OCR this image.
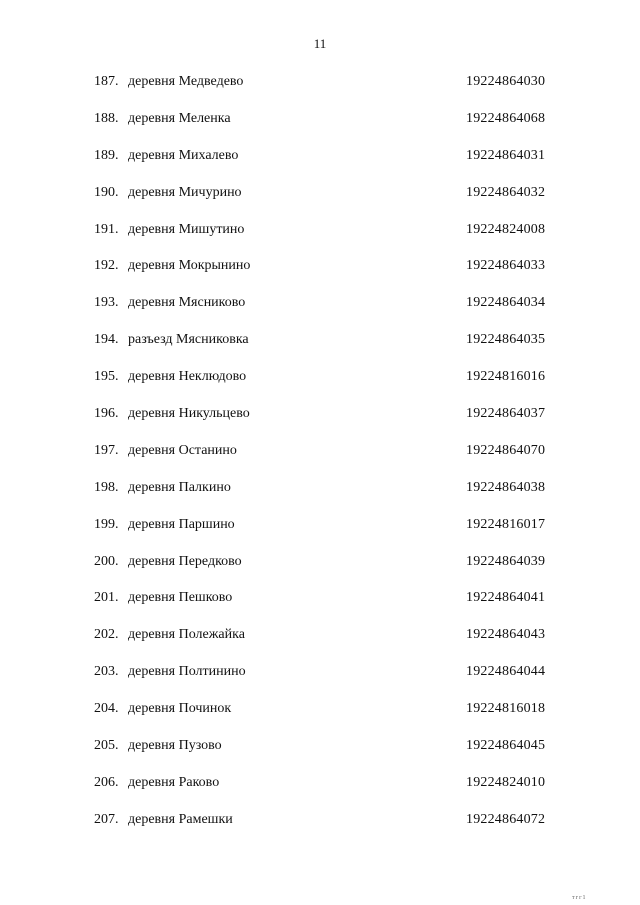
11
187. деревня Медведево	19224864030
188. деревня Меленка	19224864068
189. деревня Михалево	19224864031
190. деревня Мичурино	19224864032
191. деревня Мишутино	19224824008
192. деревня Мокрынино	19224864033
193. деревня Мясниково	19224864034
194. разъезд Мясниковка	19224864035
195. деревня Неклюдово	19224816016
196. деревня Никульцево	19224864037
197. деревня Останино	19224864070
198. деревня Палкино	19224864038
199. деревня Паршино	19224816017
200. деревня Передково	19224864039
201. деревня Пешково	19224864041
202. деревня Полежайка	19224864043
203. деревня Полтинино	19224864044
204. деревня Починок	19224816018
205. деревня Пузово	19224864045
206. деревня Раково	19224824010
207. деревня Рамешки	19224864072
тгг1
